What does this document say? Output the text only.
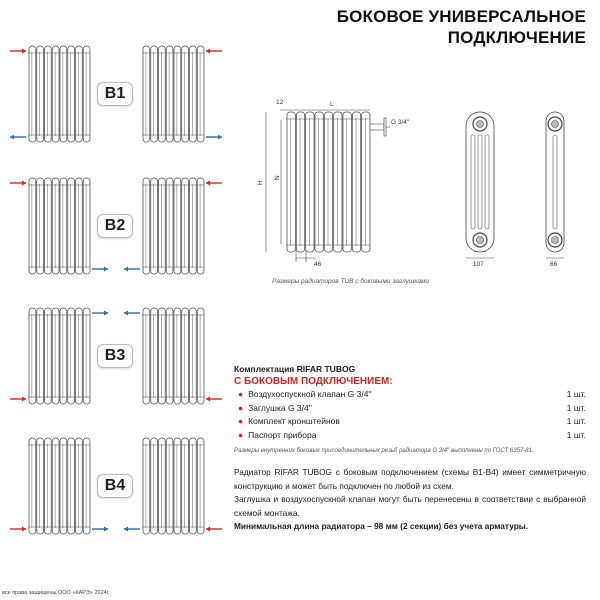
БОКОВОЕ УНИВЕРСАЛЬНОЕ
ПОДКЛЮЧЕНИЕ
B1
B2
B3
B4
12	L
H
N
46
G 3/4''
107	66
Размеры радиаторов TUB с боковыми заглушками
Комплектация RIFAR TUBOG
С БОКОВЫМ ПОДКЛЮЧЕНИЕМ:
● Воздухоспускной клапан G 3/4''	1 шт.
● Заглушка G 3/4''	1 шт.
● Комплект кронштейнов	1 шт.
● Паспорт прибора	1 шт.
Размеры внутренних боковых присоединительных резьб радиатора G 3/4'' выполнены по ГОСТ 6357-81.
Радиатор RIFAR TUBOG с боковым подключением (схемы B1-B4) имеет симметричную конструкцию и может быть подключен по любой из схем.
Заглушка и воздухоспускной клапан могут быть перенесены в соответствии с выбранной схемой монтажа.
Минимальная длина радиатора – 98 мм (2 секции) без учета арматуры.
все права защищены ООО «КАРЭ» 2024г.
